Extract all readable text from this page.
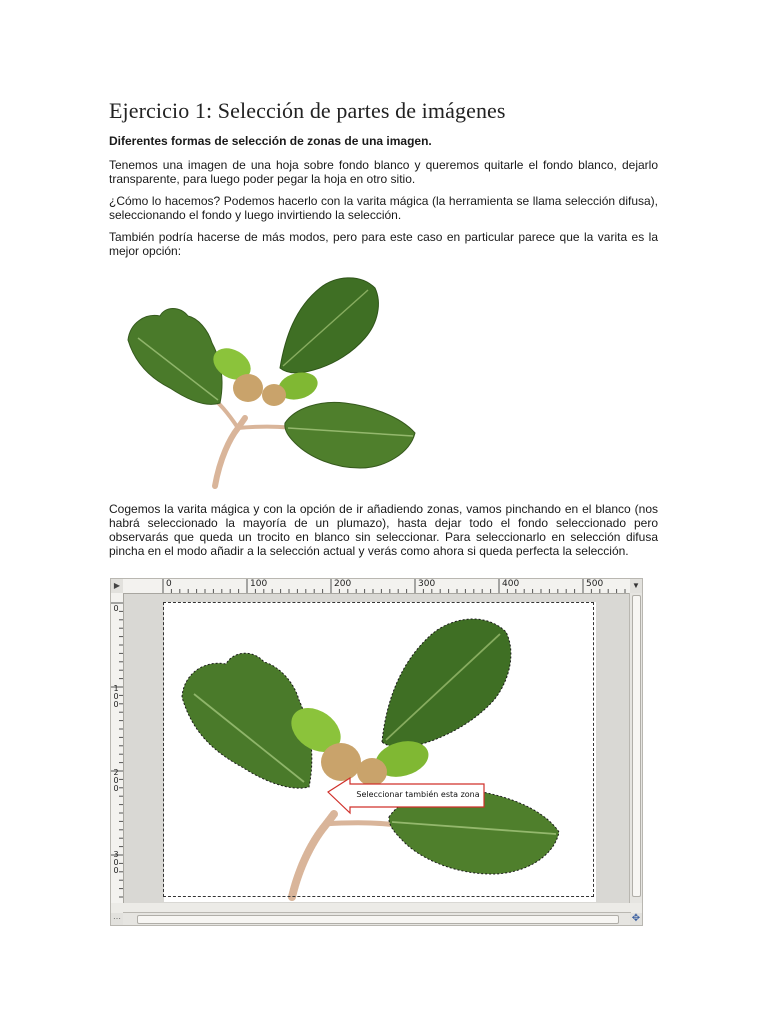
Ejercicio 1: Selección de partes de imágenes
Diferentes formas de selección de zonas de una imagen.

Tenemos una imagen de una hoja sobre fondo blanco y queremos quitarle el fondo blanco, dejarlo transparente, para luego poder pegar la hoja en otro sitio.

¿Cómo lo hacemos? Podemos hacerlo con la varita mágica (la herramienta se llama selección difusa), seleccionando el fondo y luego invirtiendo la selección.

También podría hacerse de más modos, pero para este caso en particular parece que la varita es la mejor opción:

Cogemos la varita mágica y con la opción de ir añadiendo zonas, vamos pinchando en el blanco (nos habrá seleccionado la mayoría de un plumazo), hasta dejar todo el fondo seleccionado pero observarás que queda un trocito en blanco sin seleccionar. Para seleccionarlo en selección difusa pincha en el modo añadir a la selección actual y verás como ahora si queda perfecta la selección.

▶	0	100	200	300	400	500	▼
0
100
200
300
Seleccionar también esta zona
⋯	✥
